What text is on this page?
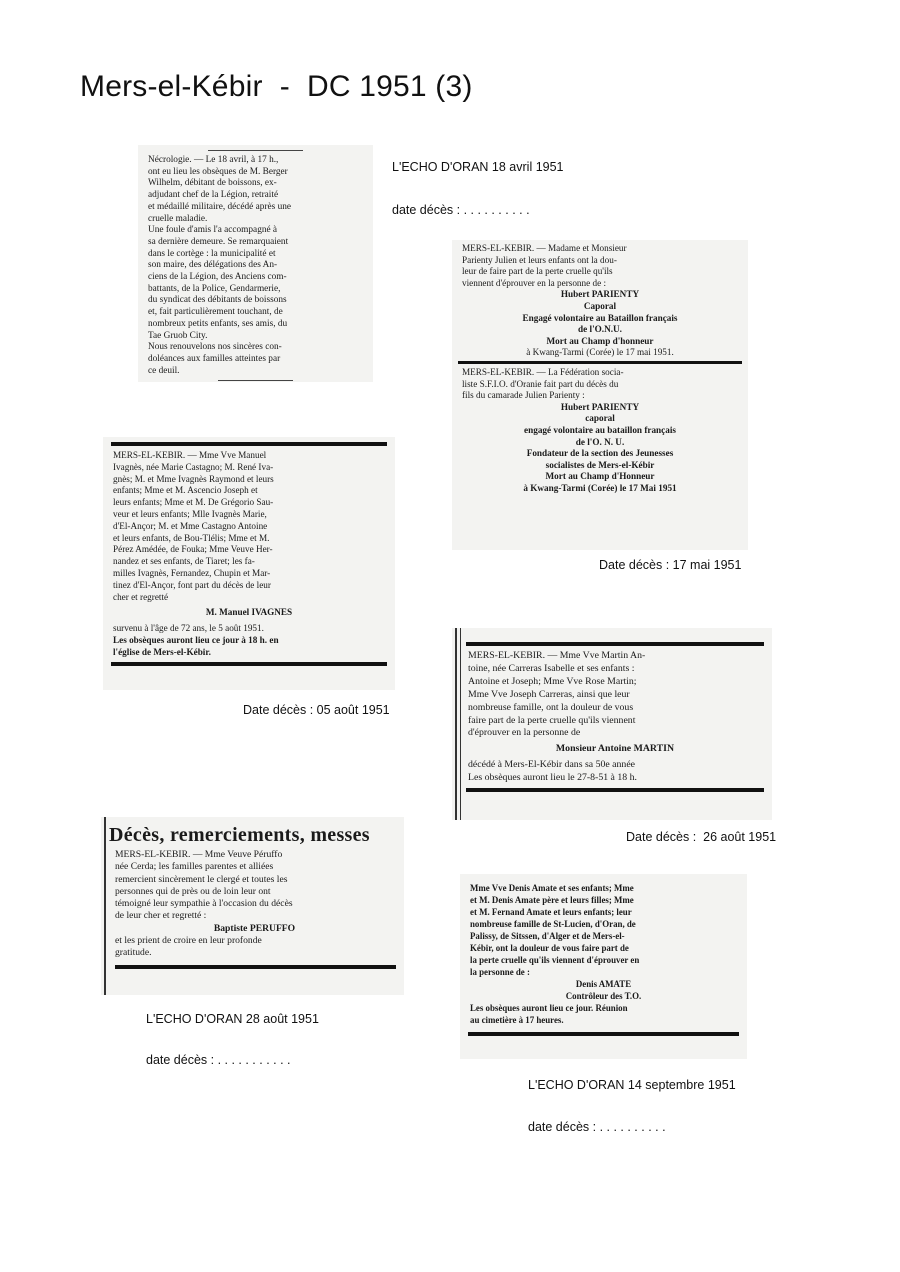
Mers-el-Kébir  -  DC 1951 (3)
Nécrologie. — Le 18 avril, à 17 h.,
ont eu lieu les obsèques de M. Berger
Wilhelm, débitant de boissons, ex-
adjudant chef de la Légion, retraité
et médaillé militaire, décédé après une
cruelle maladie.
Une foule d'amis l'a accompagné à
sa dernière demeure. Se remarquaient
dans le cortège : la municipalité et
son maire, des délégations des An-
ciens de la Légion, des Anciens com-
battants, de la Police, Gendarmerie,
du syndicat des débitants de boissons
et, fait particulièrement touchant, de
nombreux petits enfants, ses amis, du
Tae Gruob City.
Nous renouvelons nos sincères con-
doléances aux familles atteintes par
ce deuil.
L'ECHO D'ORAN 18 avril 1951
date décès : . . . . . . . . . .
MERS-EL-KEBIR. — Madame et Monsieur
Parienty Julien et leurs enfants ont la dou-
leur de faire part de la perte cruelle qu'ils
viennent d'éprouver en la personne de :
Hubert PARIENTY
Caporal
Engagé volontaire au Bataillon français
de l'O.N.U.
Mort au Champ d'honneur
à Kwang-Tarmi (Corée) le 17 mai 1951.
MERS-EL-KEBIR. — La Fédération socia-
liste S.F.I.O. d'Oranie fait part du décès du
fils du camarade Julien Parienty :
Hubert PARIENTY
caporal
engagé volontaire au bataillon français
de l'O. N. U.
Fondateur de la section des Jeunesses
socialistes de Mers-el-Kébir
Mort au Champ d'Honneur
à Kwang-Tarmi (Corée) le 17 Mai 1951
Date décès : 17 mai 1951
MERS-EL-KEBIR. — Mme Vve Manuel
Ivagnès, née Marie Castagno; M. René Iva-
gnès; M. et Mme Ivagnès Raymond et leurs
enfants; Mme et M. Ascencio Joseph et
leurs enfants; Mme et M. De Grégorio Sau-
veur et leurs enfants; Mlle Ivagnès Marie,
d'El-Ançor; M. et Mme Castagno Antoine
et leurs enfants, de Bou-Tlélis; Mme et M.
Pérez Amédée, de Fouka; Mme Veuve Her-
nandez et ses enfants, de Tiaret; les fa-
milles Ivagnès, Fernandez, Chupin et Mar-
tinez d'El-Ançor, font part du décès de leur
cher et regretté
M. Manuel IVAGNES
survenu à l'âge de 72 ans, le 5 août 1951.
Les obsèques auront lieu ce jour à 18 h. en
l'église de Mers-el-Kébir.
Date décès : 05 août 1951
MERS-EL-KEBIR. — Mme Vve Martin An-
toine, née Carreras Isabelle et ses enfants :
Antoine et Joseph; Mme Vve Rose Martin;
Mme Vve Joseph Carreras, ainsi que leur
nombreuse famille, ont la douleur de vous
faire part de la perte cruelle qu'ils viennent
d'éprouver en la personne de
Monsieur Antoine MARTIN
décédé à Mers-El-Kébir dans sa 50e année
Les obsèques auront lieu le 27-8-51 à 18 h.
Date décès :  26 août 1951
Décès, remerciements, messes
MERS-EL-KEBIR. — Mme Veuve Péruffo
née Cerda; les familles parentes et alliées
remercient sincèrement le clergé et toutes les
personnes qui de près ou de loin leur ont
témoigné leur sympathie à l'occasion du décès
de leur cher et regretté :
Baptiste PERUFFO
et les prient de croire en leur profonde
gratitude.
L'ECHO D'ORAN 28 août 1951
date décès : . . . . . . . . . . .
Mme Vve Denis Amate et ses enfants; Mme
et M. Denis Amate père et leurs filles; Mme
et M. Fernand Amate et leurs enfants; leur
nombreuse famille de St-Lucien, d'Oran, de
Palissy, de Sitssen, d'Alger et de Mers-el-
Kébir, ont la douleur de vous faire part de
la perte cruelle qu'ils viennent d'éprouver en
la personne de :
Denis AMATE
Contrôleur des T.O.
Les obsèques auront lieu ce jour. Réunion
au cimetière à 17 heures.
L'ECHO D'ORAN 14 septembre 1951
date décès : . . . . . . . . . .
